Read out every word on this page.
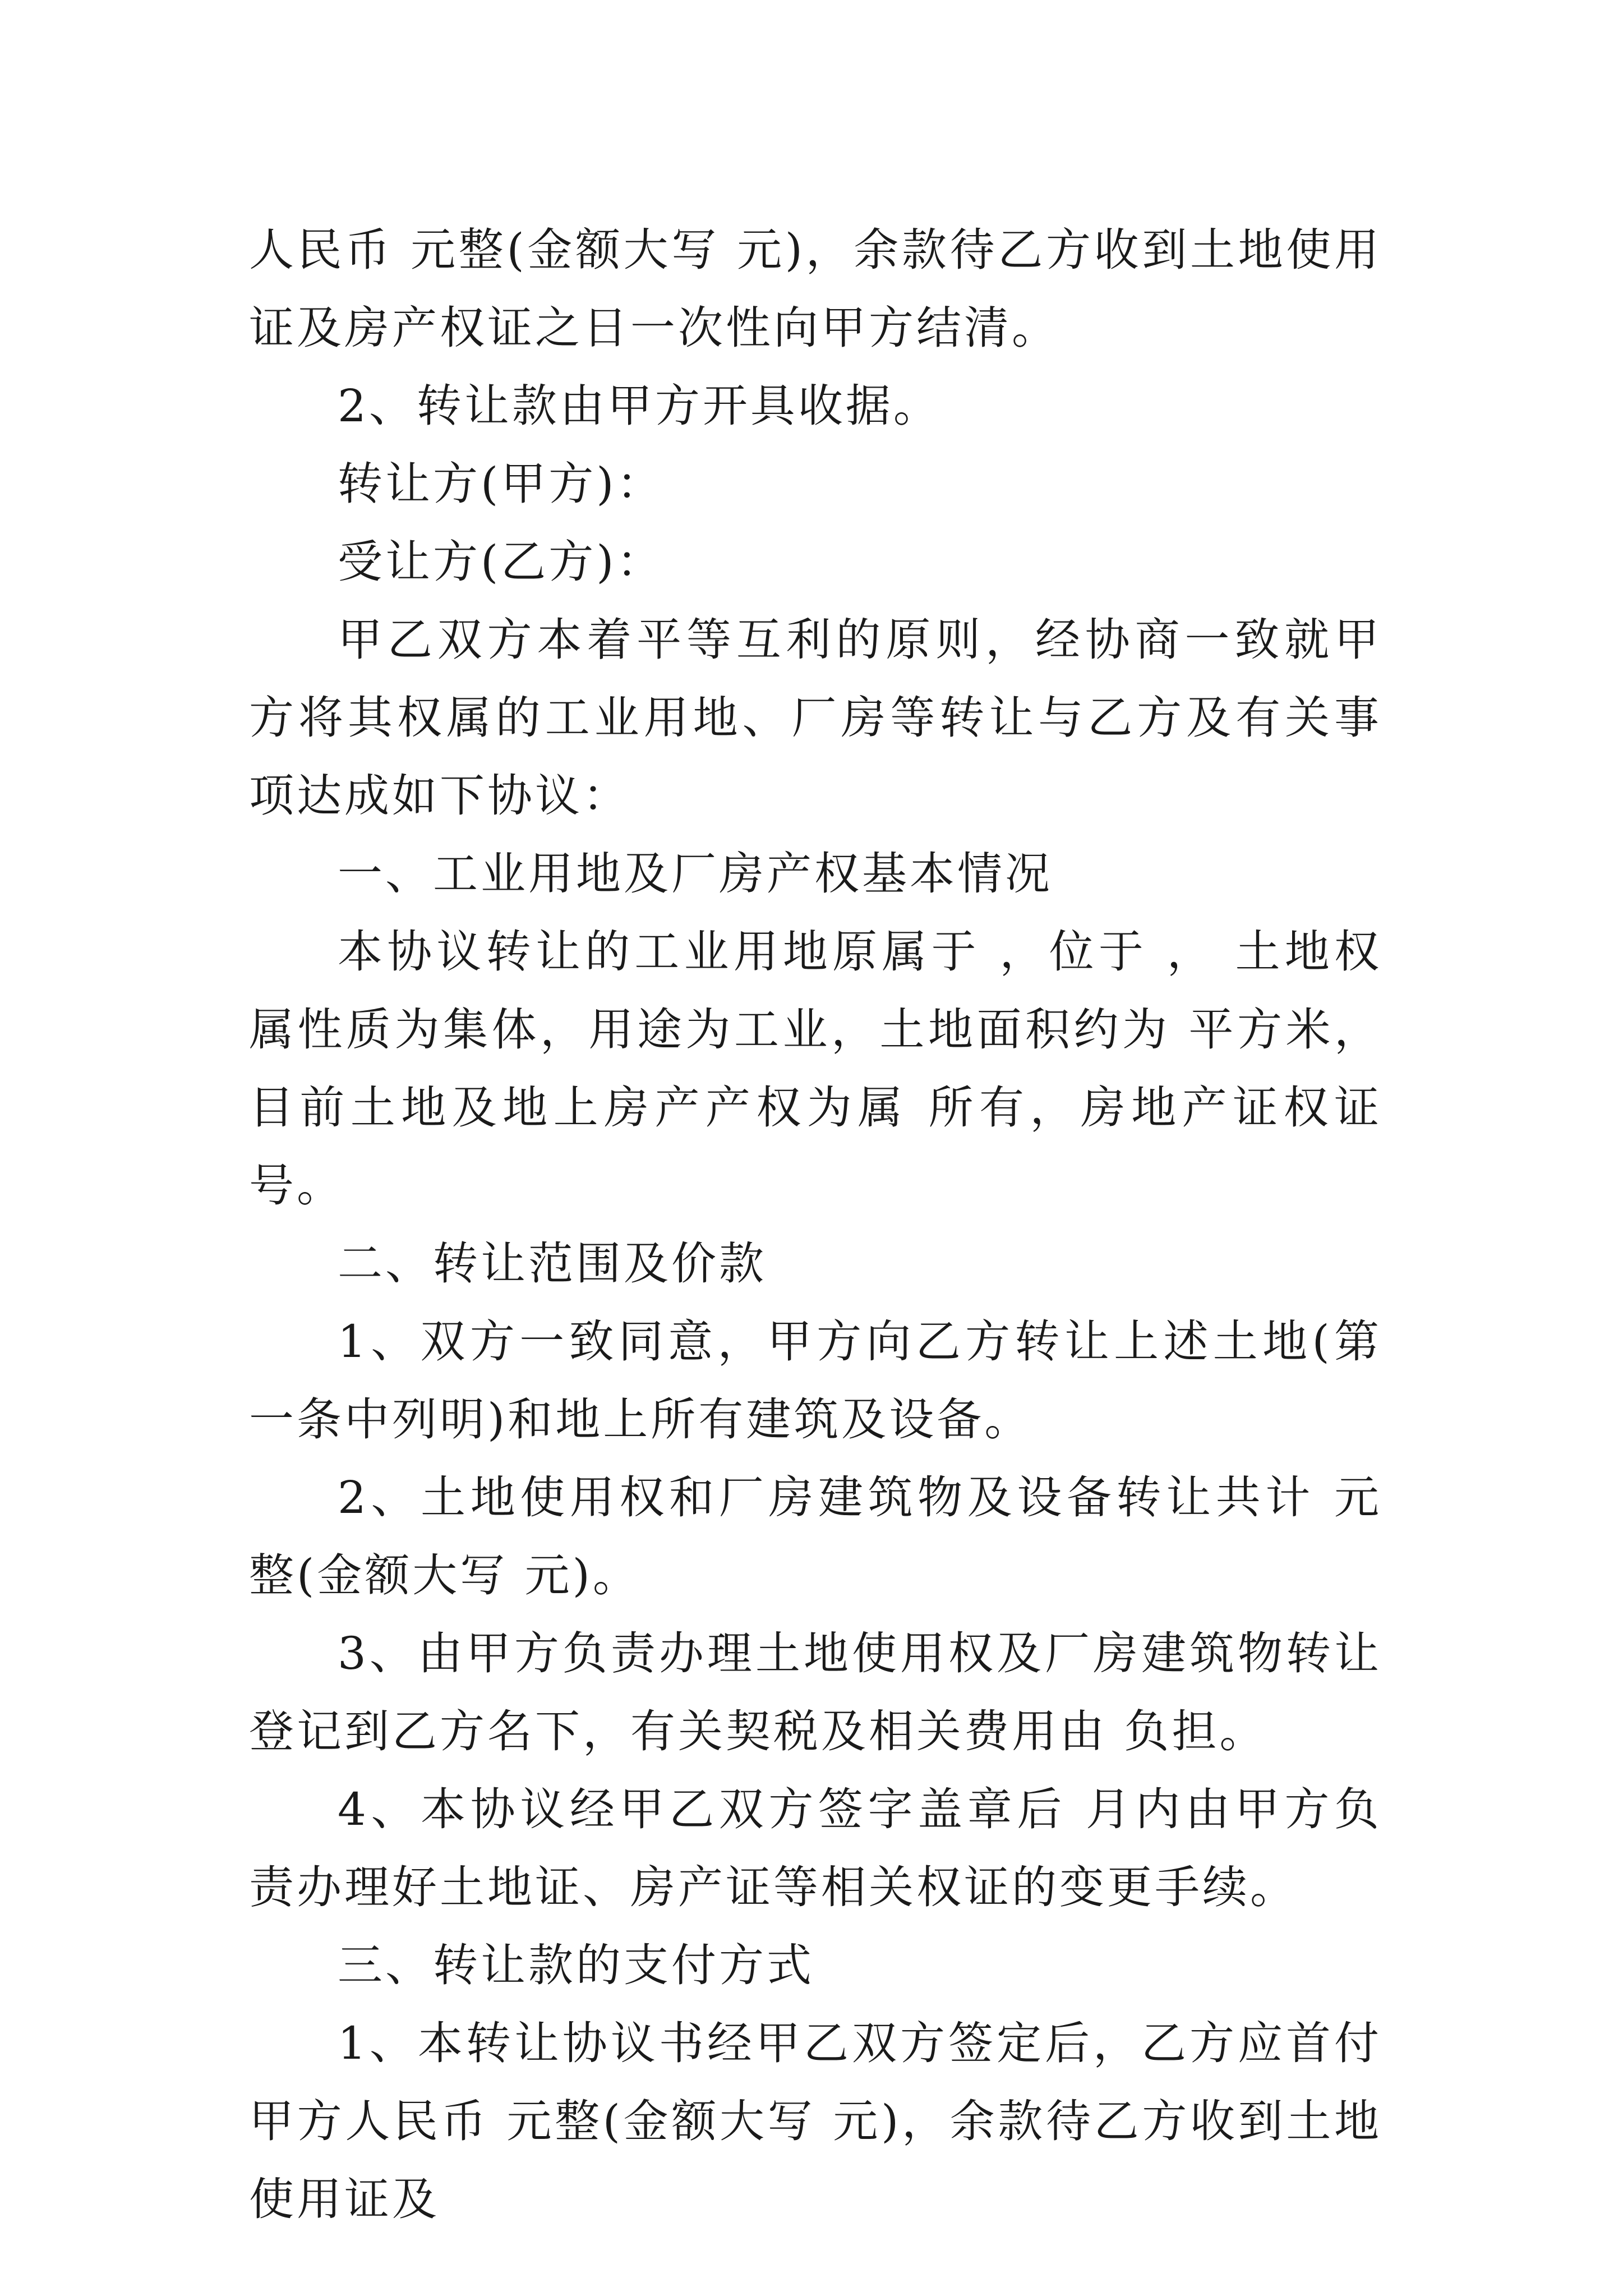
人民币 元整(金额大写 元)，余款待乙方收到土地使用证及房产权证之日一次性向甲方结清。

2、转让款由甲方开具收据。

转让方(甲方)：

受让方(乙方)：

甲乙双方本着平等互利的原则，经协商一致就甲方将其权属的工业用地、厂房等转让与乙方及有关事项达成如下协议：

一、工业用地及厂房产权基本情况

本协议转让的工业用地原属于 ，位于 ， 土地权属性质为集体，用途为工业，土地面积约为 平方米，目前土地及地上房产产权为属 所有，房地产证权证号。

二、转让范围及价款

1、双方一致同意，甲方向乙方转让上述土地(第一条中列明)和地上所有建筑及设备。

2、土地使用权和厂房建筑物及设备转让共计 元整(金额大写 元)。

3、由甲方负责办理土地使用权及厂房建筑物转让登记到乙方名下，有关契税及相关费用由 负担。

4、本协议经甲乙双方签字盖章后 月内由甲方负责办理好土地证、房产证等相关权证的变更手续。

三、转让款的支付方式

1、本转让协议书经甲乙双方签定后，乙方应首付甲方人民币 元整(金额大写 元)，余款待乙方收到土地使用证及
